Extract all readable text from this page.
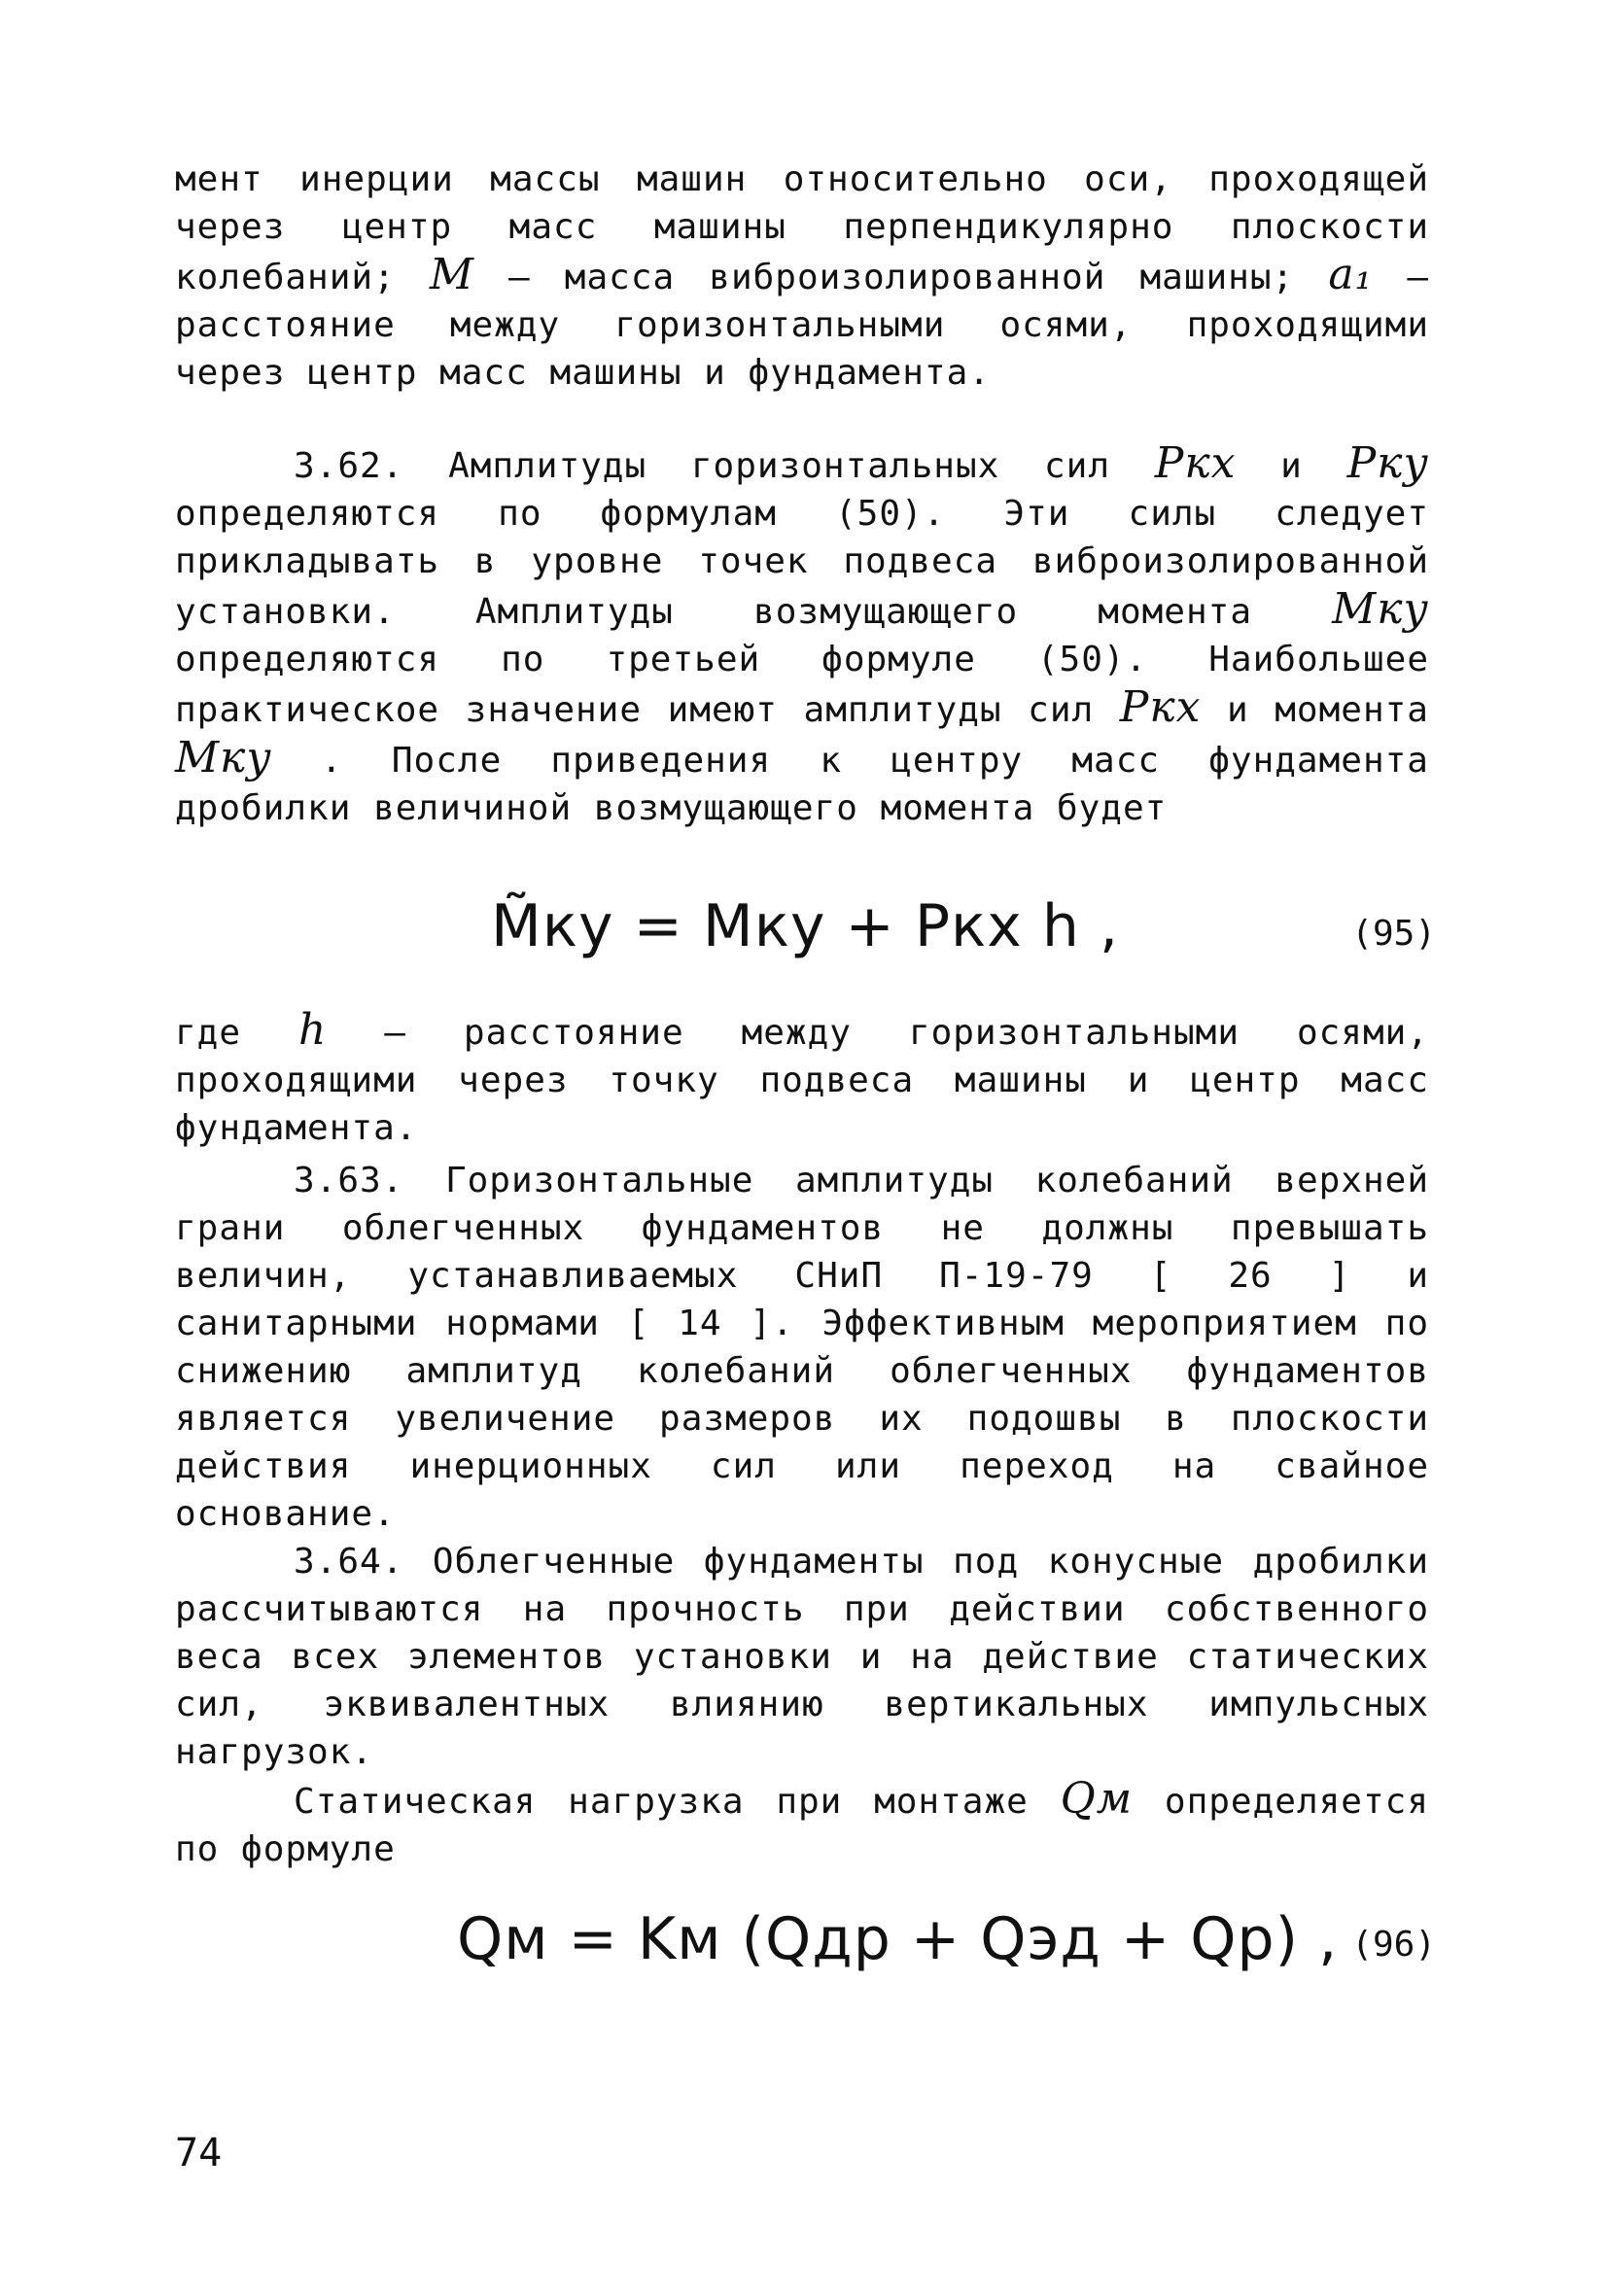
мент инерции массы машин относительно оси, проходящей через центр масс машины перпендикулярно плоскости колебаний; M – масса виброизолированной машины; a₁ – расстояние между горизонтальными осями, проходящими через центр масс машины и фундамента.

3.62. Амплитуды горизонтальных сил Pкx и Pку определяются по формулам (50). Эти силы следует прикладывать в уровне точек подвеса виброизолированной установки. Амплитуды возмущающего момента Mку определяются по третьей формуле (50). Наибольшее практическое значение имеют амплитуды сил Pкx и момента Mку . После приведения к центру масс фундамента дробилки величиной возмущающего момента будет

M̃ку = Mку + Pкx h ,	(95)

где h – расстояние между горизонтальными осями, проходящими через точку подвеса машины и центр масс фундамента.

3.63. Горизонтальные амплитуды колебаний верхней грани облегченных фундаментов не должны превышать величин, устанавливаемых СНиП П-19-79 [ 26 ] и санитарными нормами [ 14 ]. Эффективным мероприятием по снижению амплитуд колебаний облегченных фундаментов является увеличение размеров их подошвы в плоскости действия инерционных сил или переход на свайное основание.

3.64. Облегченные фундаменты под конусные дробилки рассчитываются на прочность при действии собственного веса всех элементов установки и на действие статических сил, эквивалентных влиянию вертикальных импульсных нагрузок.

Статическая нагрузка при монтаже Qм определяется по формуле

Qм = Kм (Qдр + Qэд + Qр) , (96)
74
